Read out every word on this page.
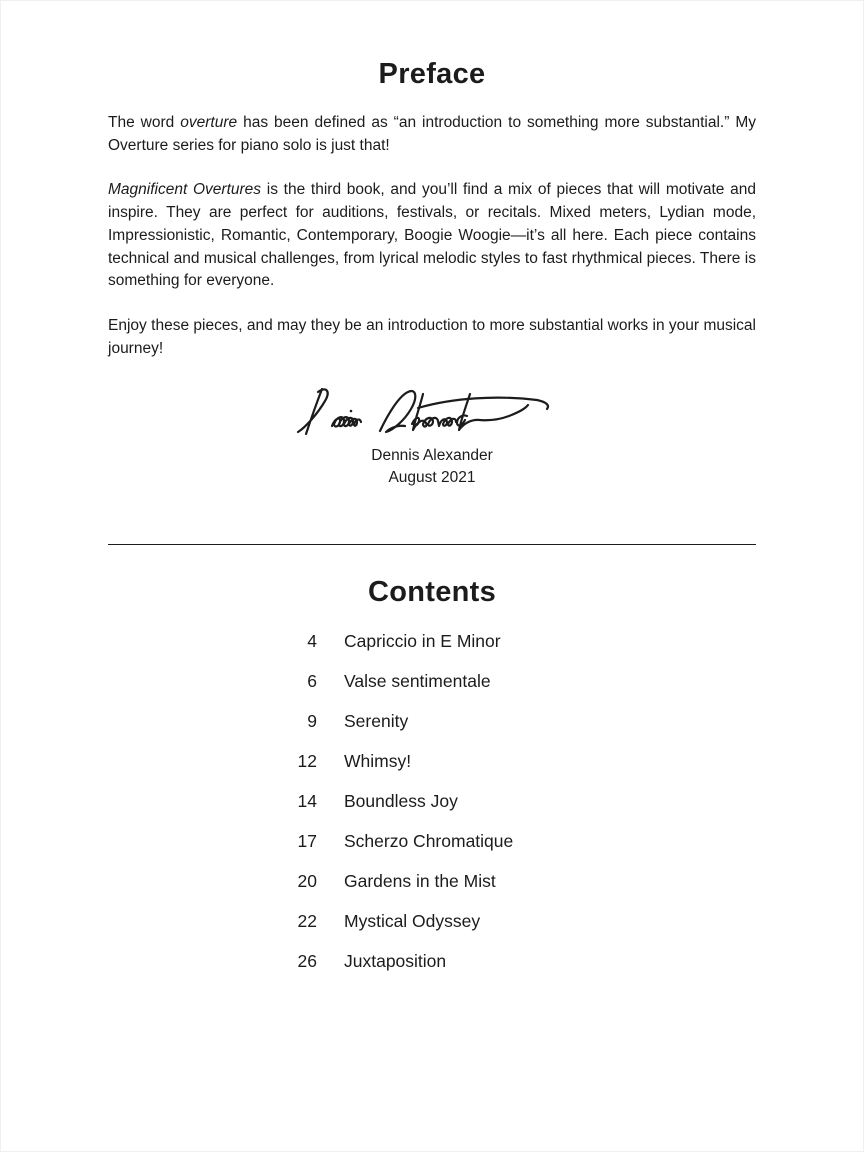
Preface

The word overture has been defined as “an introduction to something more substantial.” My Overture series for piano solo is just that!

Magnificent Overtures is the third book, and you’ll find a mix of pieces that will motivate and inspire. They are perfect for auditions, festivals, or recitals. Mixed meters, Lydian mode, Impressionistic, Romantic, Contemporary, Boogie Woogie—it’s all here. Each piece contains technical and musical challenges, from lyrical melodic styles to fast rhythmical pieces. There is something for everyone.

Enjoy these pieces, and may they be an introduction to more substantial works in your musical journey!

Dennis Alexander
August 2021
Contents
4 Capriccio in E Minor
6 Valse sentimentale
9 Serenity
12 Whimsy!
14 Boundless Joy
17 Scherzo Chromatique
20 Gardens in the Mist
22 Mystical Odyssey
26 Juxtaposition
